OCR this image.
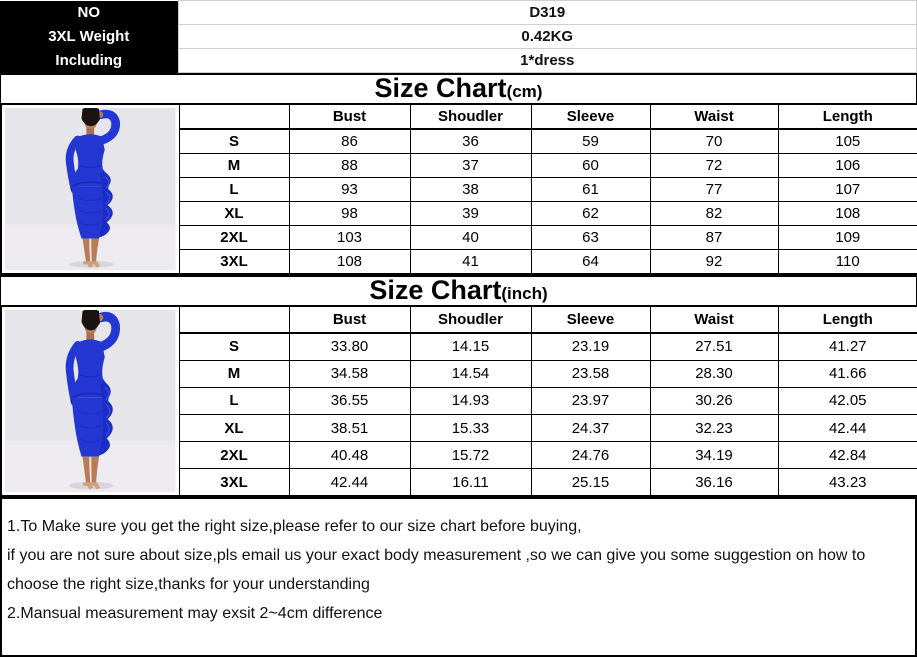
NO	D319
3XL Weight	0.42KG
Including	1*dress
Size Chart(cm)
		Bust	Shoudler	Sleeve	Waist	Length
	S	86	36	59	70	105
	M	88	37	60	72	106
	L	93	38	61	77	107
	XL	98	39	62	82	108
	2XL	103	40	63	87	109
	3XL	108	41	64	92	110
Size Chart(inch)
		Bust	Shoudler	Sleeve	Waist	Length
	S	33.80	14.15	23.19	27.51	41.27
	M	34.58	14.54	23.58	28.30	41.66
	L	36.55	14.93	23.97	30.26	42.05
	XL	38.51	15.33	24.37	32.23	42.44
	2XL	40.48	15.72	24.76	34.19	42.84
	3XL	42.44	16.11	25.15	36.16	43.23

1.To Make sure you get the right size,please refer to our size chart before buying,

if you are not sure about size,pls email us your exact body measurement ,so we can give you some suggestion on how to

choose the right size,thanks for your understanding

2.Mansual measurement may exsit 2~4cm difference
